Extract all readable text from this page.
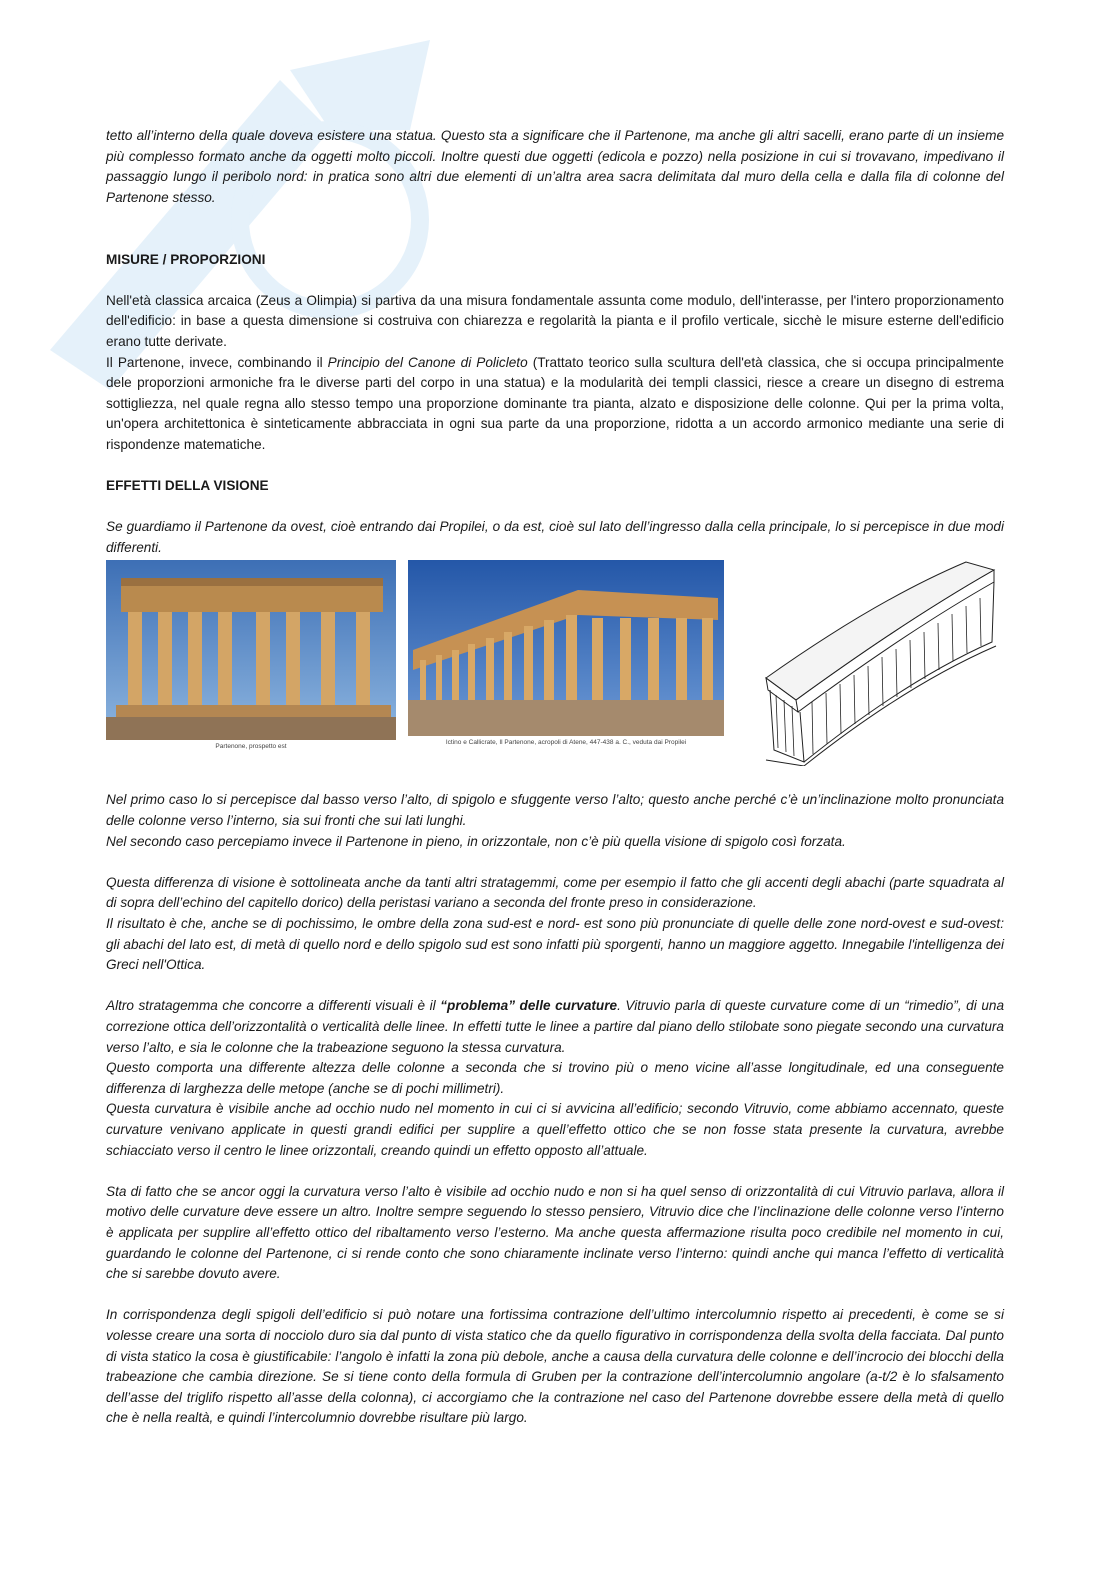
tetto all’interno della quale doveva esistere una statua. Questo sta a significare che il Partenone, ma anche gli altri sacelli, erano parte di un insieme più complesso formato anche da oggetti molto piccoli. Inoltre questi due oggetti (edicola e pozzo) nella posizione in cui si trovavano, impedivano il passaggio lungo il peribolo nord: in pratica sono altri due elementi di un’altra area sacra delimitata dal muro della cella e dalla fila di colonne del Partenone stesso.

MISURE / PROPORZIONI

Nell'età classica arcaica (Zeus a Olimpia) si partiva da una misura fondamentale assunta come modulo, dell'interasse, per l'intero proporzionamento dell'edificio: in base a questa dimensione si costruiva con chiarezza e regolarità la pianta e il profilo verticale, sicchè le misure esterne dell'edificio erano tutte derivate.

Il Partenone, invece, combinando il Principio del Canone di Policleto (Trattato teorico sulla scultura dell'età classica, che si occupa principalmente dele proporzioni armoniche fra le diverse parti del corpo in una statua) e la modularità dei templi classici, riesce a creare un disegno di estrema sottigliezza, nel quale regna allo stesso tempo una proporzione dominante tra pianta, alzato e disposizione delle colonne. Qui per la prima volta, un'opera architettonica è sinteticamente abbracciata in ogni sua parte da una proporzione, ridotta a un accordo armonico mediante una serie di rispondenze matematiche.

EFFETTI DELLA VISIONE

Se guardiamo il Partenone da ovest, cioè entrando dai Propilei, o da est, cioè sul lato dell’ingresso dalla cella principale, lo si percepisce in due modi differenti.

Partenone, prospetto est
Ictino e Callicrate, Il Partenone, acropoli di Atene, 447-438 a. C., veduta dai Propilei

Nel primo caso lo si percepisce dal basso verso l’alto, di spigolo e sfuggente verso l’alto; questo anche perché c’è un’inclinazione molto pronunciata delle colonne verso l’interno, sia sui fronti che sui lati lunghi.

Nel secondo caso percepiamo invece il Partenone in pieno, in orizzontale, non c’è più quella visione di spigolo così forzata.

Questa differenza di visione è sottolineata anche da tanti altri stratagemmi, come per esempio il fatto che gli accenti degli abachi (parte squadrata al di sopra dell’echino del capitello dorico) della peristasi variano a seconda del fronte preso in considerazione.

Il risultato è che, anche se di pochissimo, le ombre della zona sud-est e nord- est sono più pronunciate di quelle delle zone nord-ovest e sud-ovest: gli abachi del lato est, di metà di quello nord e dello spigolo sud est sono infatti più sporgenti, hanno un maggiore aggetto. Innegabile l'intelligenza dei Greci nell'Ottica.

Altro stratagemma che concorre a differenti visuali è il “problema” delle curvature. Vitruvio parla di queste curvature come di un “rimedio”, di una correzione ottica dell’orizzontalità o verticalità delle linee. In effetti tutte le linee a partire dal piano dello stilobate sono piegate secondo una curvatura verso l’alto, e sia le colonne che la trabeazione seguono la stessa curvatura.

Questo comporta una differente altezza delle colonne a seconda che si trovino più o meno vicine all’asse longitudinale, ed una conseguente differenza di larghezza delle metope (anche se di pochi millimetri).

Questa curvatura è visibile anche ad occhio nudo nel momento in cui ci si avvicina all’edificio; secondo Vitruvio, come abbiamo accennato, queste curvature venivano applicate in questi grandi edifici per supplire a quell’effetto ottico che se non fosse stata presente la curvatura, avrebbe schiacciato verso il centro le linee orizzontali, creando quindi un effetto opposto all’attuale.

Sta di fatto che se ancor oggi la curvatura verso l’alto è visibile ad occhio nudo e non si ha quel senso di orizzontalità di cui Vitruvio parlava, allora il motivo delle curvature deve essere un altro. Inoltre sempre seguendo lo stesso pensiero, Vitruvio dice che l’inclinazione delle colonne verso l’interno è applicata per supplire all’effetto ottico del ribaltamento verso l’esterno. Ma anche questa affermazione risulta poco credibile nel momento in cui, guardando le colonne del Partenone, ci si rende conto che sono chiaramente inclinate verso l’interno: quindi anche qui manca l’effetto di verticalità che si sarebbe dovuto avere.

In corrispondenza degli spigoli dell’edificio si può notare una fortissima contrazione dell’ultimo intercolumnio rispetto ai precedenti, è come se si volesse creare una sorta di nocciolo duro sia dal punto di vista statico che da quello figurativo in corrispondenza della svolta della facciata. Dal punto di vista statico la cosa è giustificabile: l’angolo è infatti la zona più debole, anche a causa della curvatura delle colonne e dell’incrocio dei blocchi della trabeazione che cambia direzione. Se si tiene conto della formula di Gruben per la contrazione dell’intercolumnio angolare (a-t/2 è lo sfalsamento dell’asse del triglifo rispetto all’asse della colonna), ci accorgiamo che la contrazione nel caso del Partenone dovrebbe essere della metà di quello che è nella realtà, e quindi l’intercolumnio dovrebbe risultare più largo.
